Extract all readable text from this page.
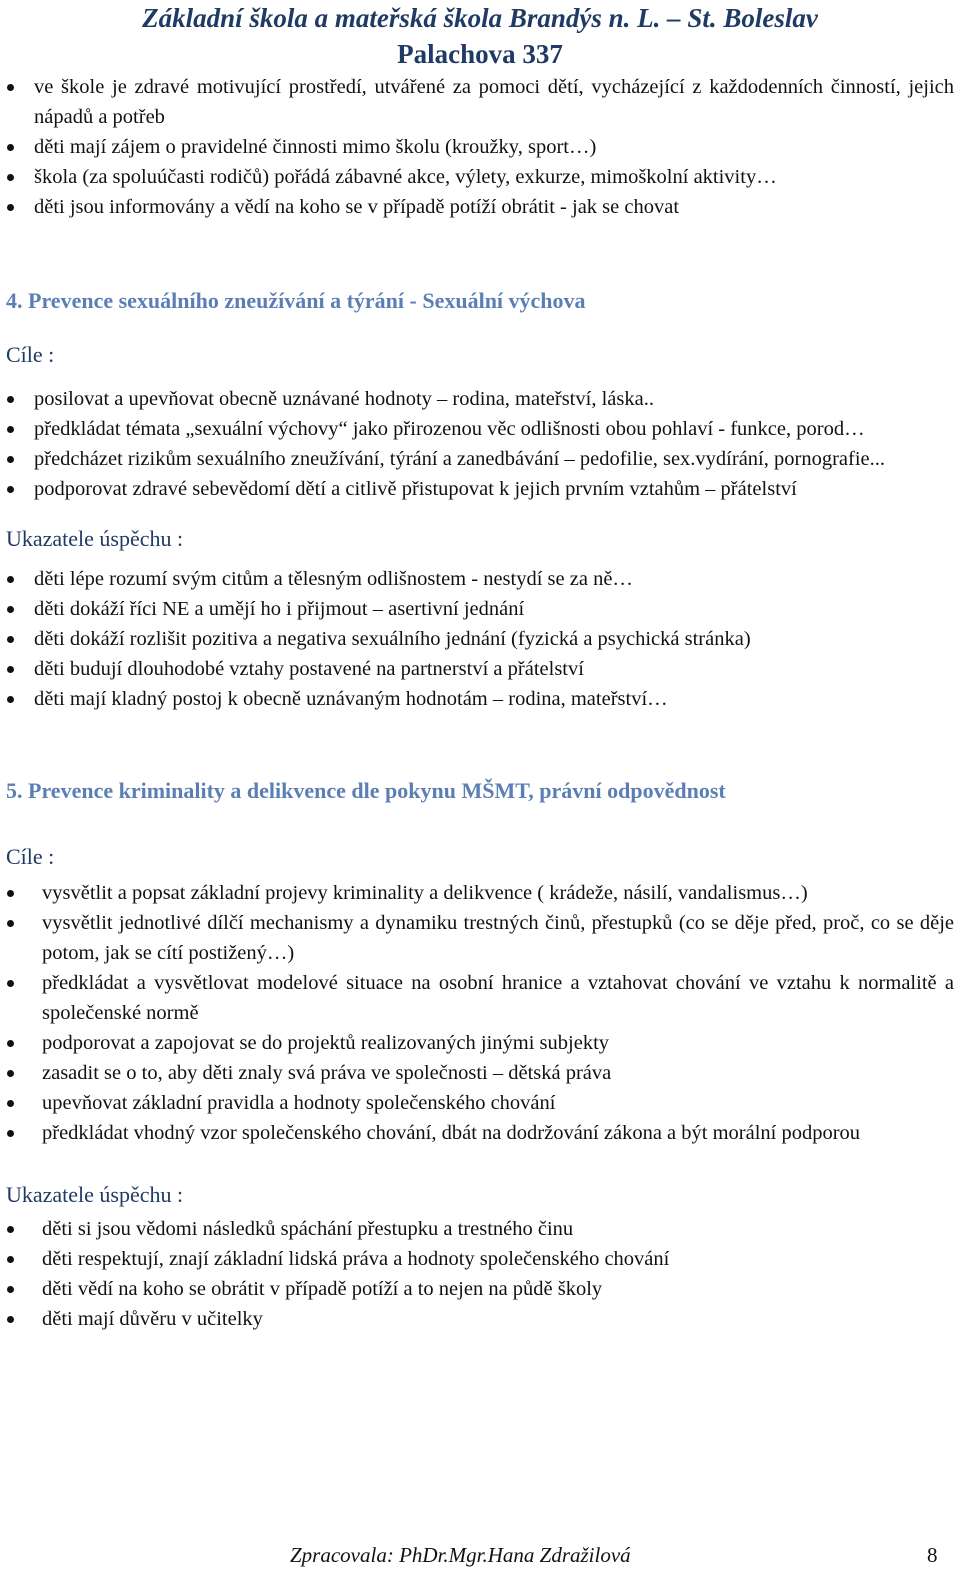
Základní škola a mateřská škola Brandýs n. L. – St. Boleslav
Palachova 337
ve škole je zdravé motivující prostředí, utvářené za pomoci dětí, vycházející z každodenních činností, jejich nápadů a potřeb
děti mají zájem o pravidelné činnosti mimo školu (kroužky, sport…)
škola (za spoluúčasti rodičů) pořádá zábavné akce, výlety, exkurze, mimoškolní aktivity…
děti jsou informovány a vědí na koho se v případě potíží obrátit - jak se chovat
4. Prevence sexuálního zneužívání a týrání - Sexuální výchova
Cíle :
posilovat a upevňovat obecně uznávané hodnoty – rodina, mateřství, láska..
předkládat témata „sexuální výchovy“ jako přirozenou věc odlišnosti obou pohlaví - funkce, porod…
předcházet rizikům sexuálního zneužívání, týrání a zanedbávání – pedofilie, sex.vydírání, pornografie...
podporovat zdravé sebevědomí dětí a citlivě přistupovat k jejich prvním vztahům – přátelství
Ukazatele úspěchu :
děti lépe rozumí svým citům a tělesným odlišnostem - nestydí se za ně…
děti dokáží říci NE a umějí ho i přijmout – asertivní jednání
děti dokáží rozlišit pozitiva a negativa sexuálního jednání (fyzická a psychická stránka)
děti budují dlouhodobé vztahy postavené na partnerství a přátelství
děti mají kladný postoj k obecně uznávaným hodnotám – rodina, mateřství…
5. Prevence kriminality a delikvence dle pokynu MŠMT, právní odpovědnost
Cíle :
vysvětlit a popsat základní projevy kriminality a delikvence ( krádeže, násilí, vandalismus…)
vysvětlit jednotlivé dílčí mechanismy a dynamiku trestných činů, přestupků (co se děje před, proč, co se děje potom, jak se cítí postižený…)
předkládat a vysvětlovat modelové situace na osobní hranice a vztahovat chování ve vztahu k normalitě a společenské normě
podporovat a zapojovat se do projektů realizovaných jinými subjekty
zasadit se o to, aby děti znaly svá práva ve společnosti – dětská práva
upevňovat základní pravidla a hodnoty společenského chování
předkládat vhodný vzor společenského chování, dbát na dodržování zákona a být morální podporou
Ukazatele úspěchu :
děti si jsou vědomi následků spáchání přestupku a trestného činu
děti respektují, znají základní lidská práva a hodnoty společenského chování
děti vědí na koho se obrátit v případě potíží a to nejen na půdě školy
děti mají důvěru v učitelky
Zpracovala: PhDr.Mgr.Hana Zdražilová	8
